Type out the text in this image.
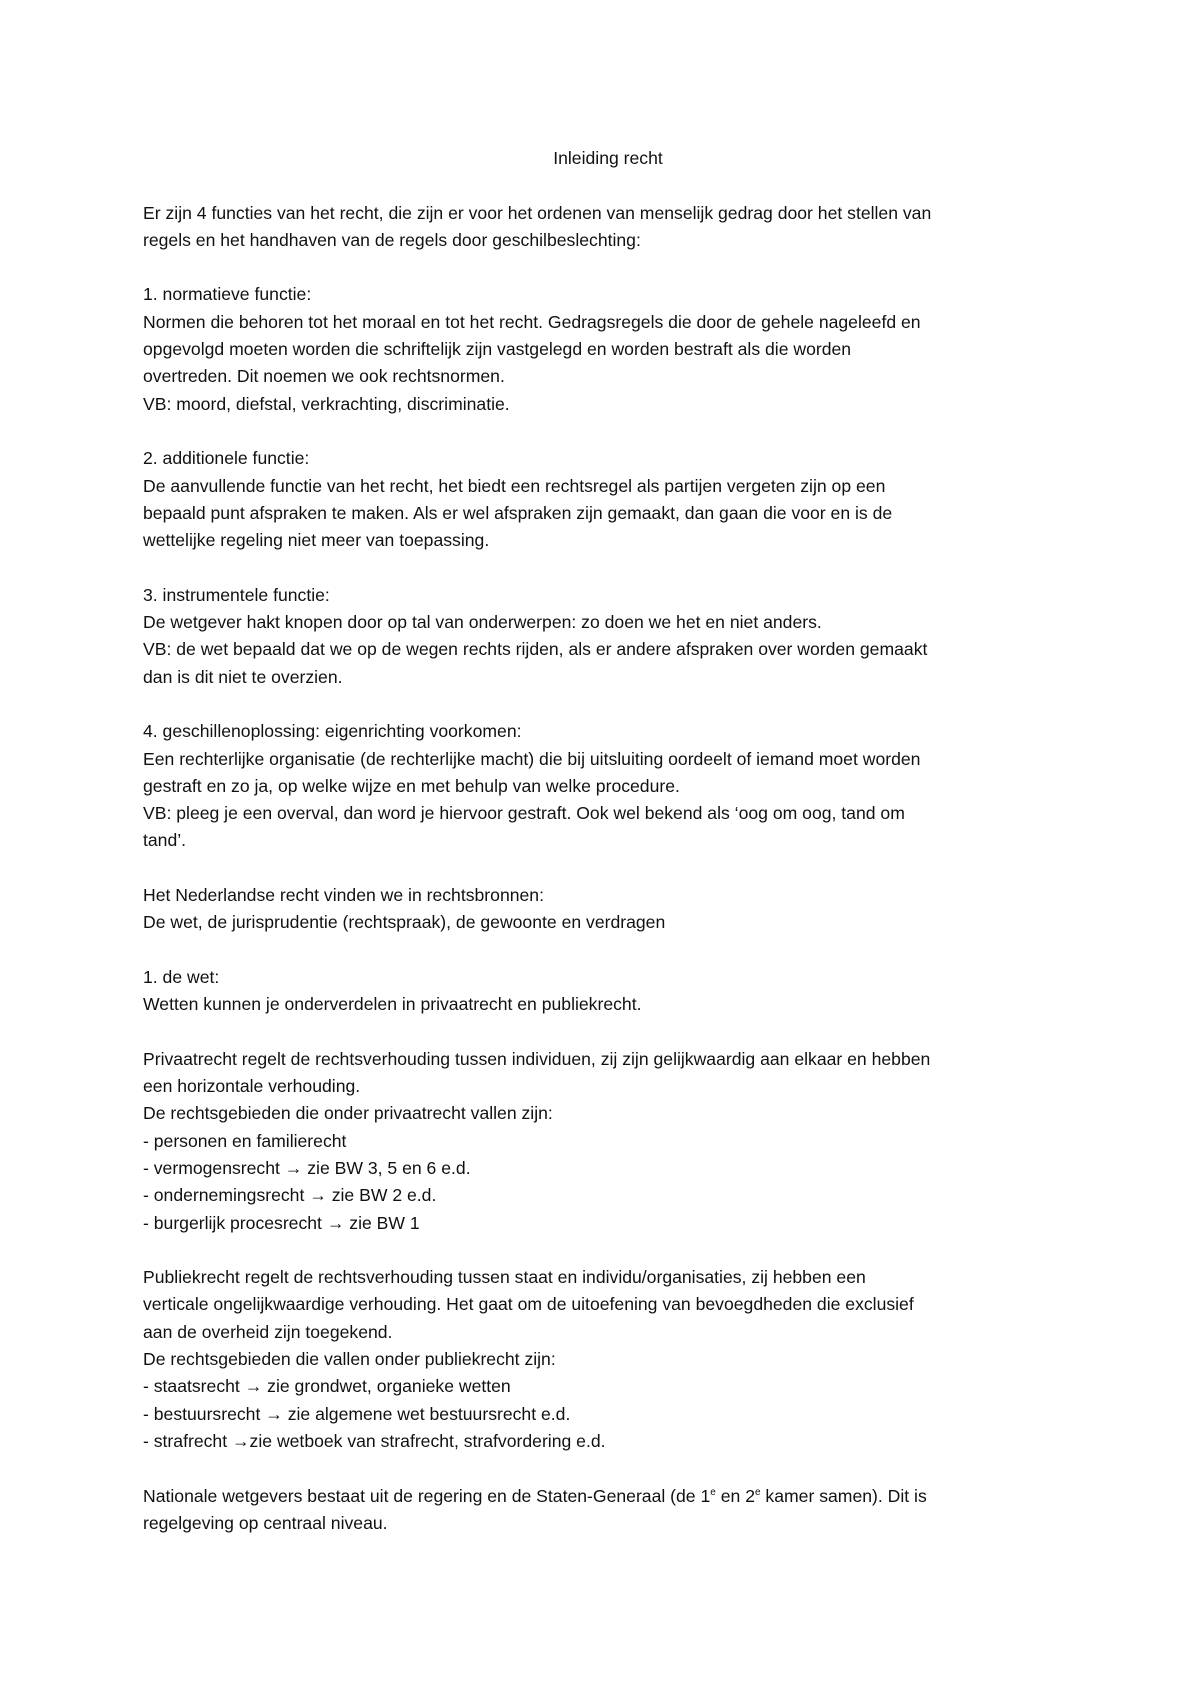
Inleiding recht
Er zijn 4 functies van het recht, die zijn er voor het ordenen van menselijk gedrag door het stellen van
regels en het handhaven van de regels door geschilbeslechting:
1. normatieve functie:
Normen die behoren tot het moraal en tot het recht. Gedragsregels die door de gehele nageleefd en
opgevolgd moeten worden die schriftelijk zijn vastgelegd en worden bestraft als die worden
overtreden. Dit noemen we ook rechtsnormen.
VB: moord, diefstal, verkrachting, discriminatie.
2. additionele functie:
De aanvullende functie van het recht, het biedt een rechtsregel als partijen vergeten zijn op een
bepaald punt afspraken te maken. Als er wel afspraken zijn gemaakt, dan gaan die voor en is de
wettelijke regeling niet meer van toepassing.
3. instrumentele functie:
De wetgever hakt knopen door op tal van onderwerpen: zo doen we het en niet anders.
VB: de wet bepaald dat we op de wegen rechts rijden, als er andere afspraken over worden gemaakt
dan is dit niet te overzien.
4. geschillenoplossing: eigenrichting voorkomen:
Een rechterlijke organisatie (de rechterlijke macht) die bij uitsluiting oordeelt of iemand moet worden
gestraft en zo ja, op welke wijze en met behulp van welke procedure.
VB: pleeg je een overval, dan word je hiervoor gestraft. Ook wel bekend als ‘oog om oog, tand om
tand’.
Het Nederlandse recht vinden we in rechtsbronnen:
De wet, de jurisprudentie (rechtspraak), de gewoonte en verdragen
1. de wet:
Wetten kunnen je onderverdelen in privaatrecht en publiekrecht.
Privaatrecht regelt de rechtsverhouding tussen individuen, zij zijn gelijkwaardig aan elkaar en hebben
een horizontale verhouding.
De rechtsgebieden die onder privaatrecht vallen zijn:
- personen en familierecht
- vermogensrecht → zie BW 3, 5 en 6 e.d.
- ondernemingsrecht → zie BW 2 e.d.
- burgerlijk procesrecht → zie BW 1
Publiekrecht regelt de rechtsverhouding tussen staat en individu/organisaties, zij hebben een
verticale ongelijkwaardige verhouding. Het gaat om de uitoefening van bevoegdheden die exclusief
aan de overheid zijn toegekend.
De rechtsgebieden die vallen onder publiekrecht zijn:
- staatsrecht → zie grondwet, organieke wetten
- bestuursrecht → zie algemene wet bestuursrecht e.d.
- strafrecht →zie wetboek van strafrecht, strafvordering e.d.
Nationale wetgevers bestaat uit de regering en de Staten-Generaal (de 1e en 2e kamer samen). Dit is
regelgeving op centraal niveau.
